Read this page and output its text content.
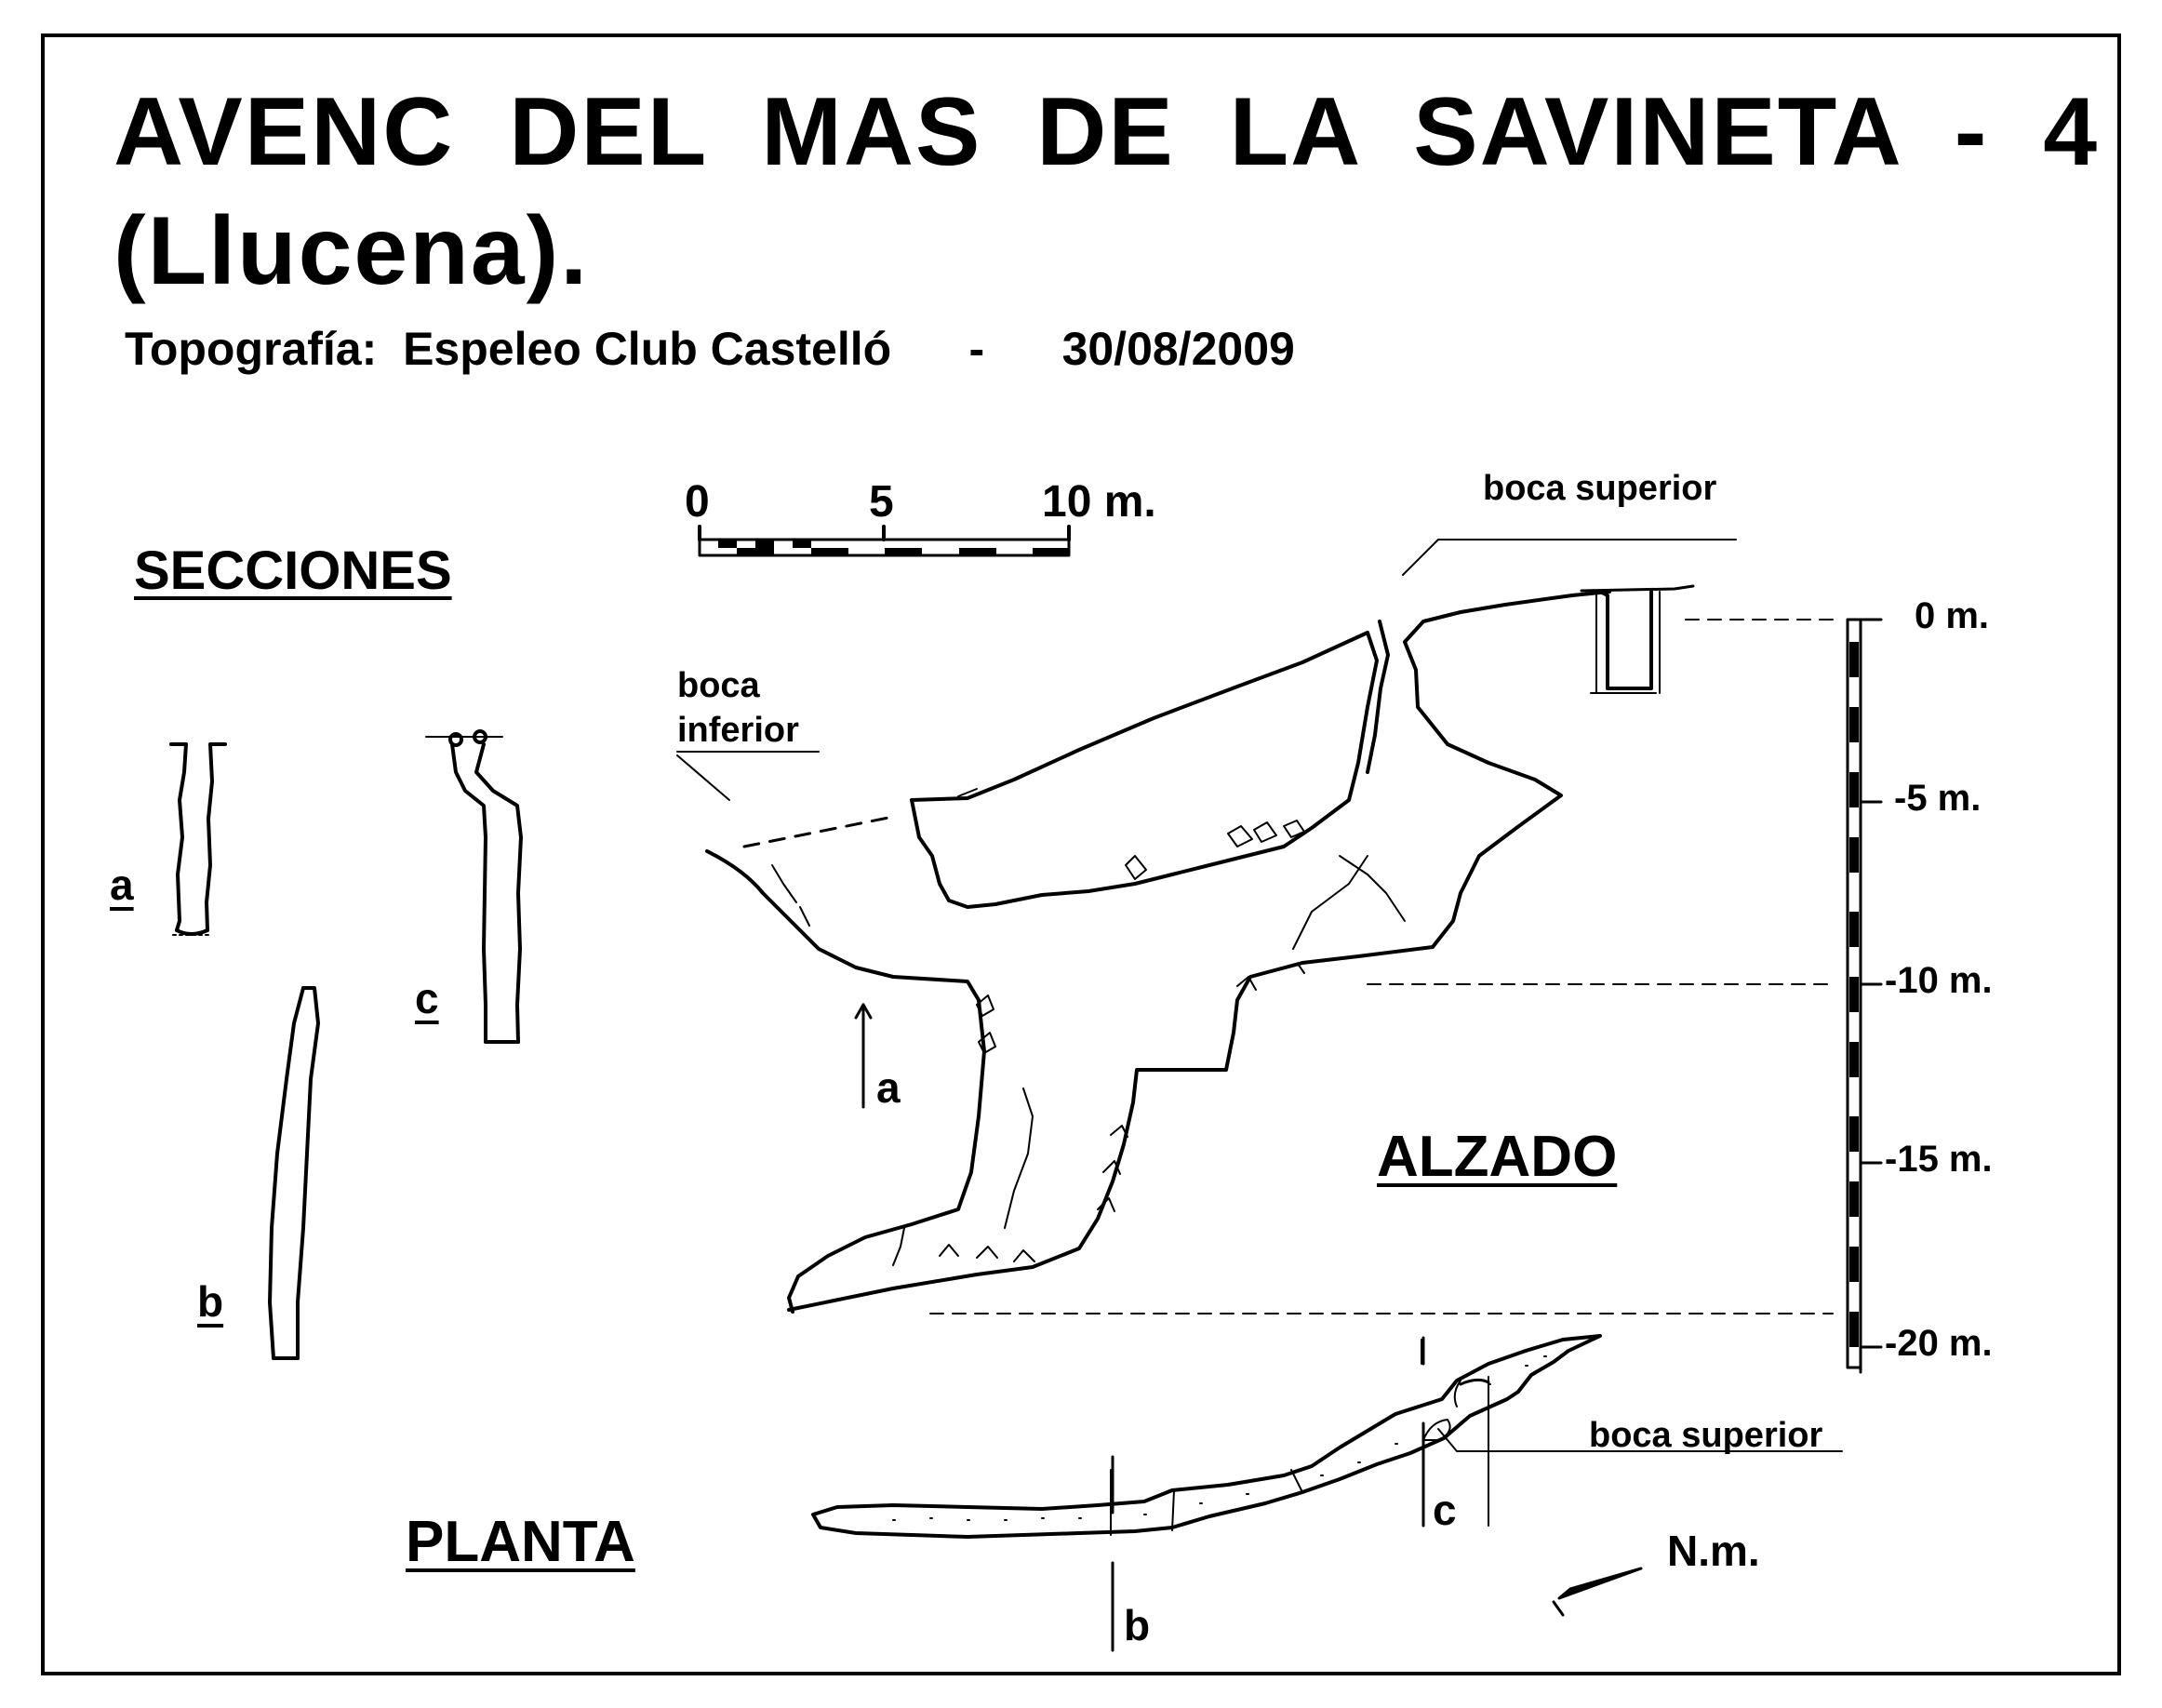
AVENC DEL MAS DE LA SAVINETA - 4
(Llucena).

Topografía: Espeleo Club Castelló - 30/08/2009

0	5	10 m.
SECCIONES
a
b
c
boca superior
boca
inferior
a
ALZADO
0 m.
-5 m.
-10 m.
-15 m.
-20 m.
PLANTA
boca superior
b
c
N.m.
